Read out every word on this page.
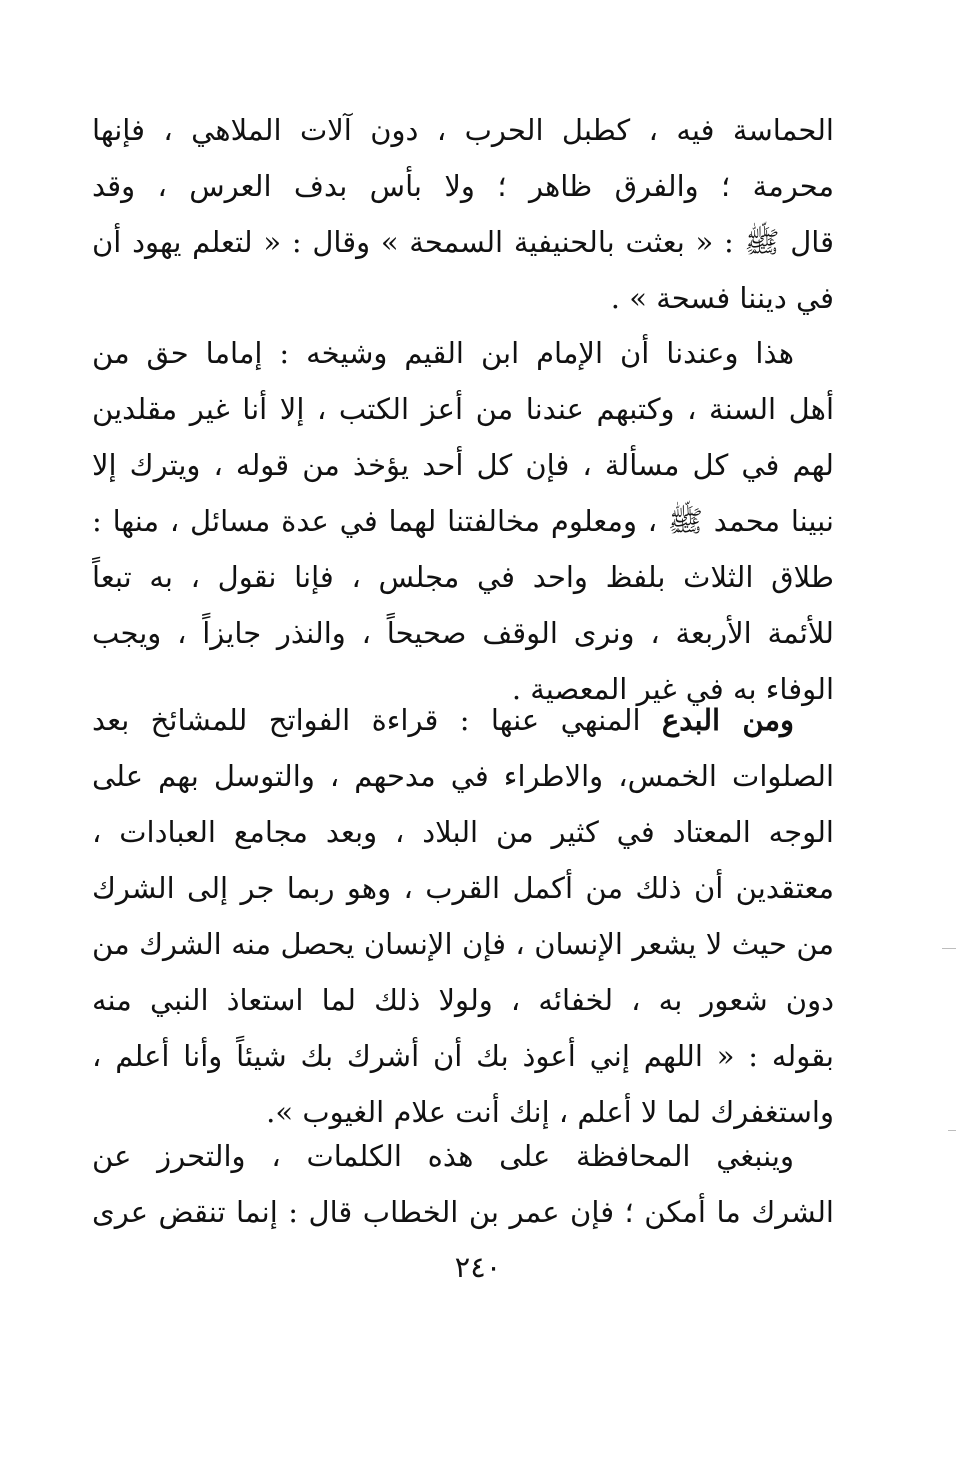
الحماسة فيه ، كطبل الحرب ، دون آلات الملاهي ، فإنها
محرمة ؛ والفرق ظاهر ؛ ولا بأس بدف العرس ، وقد
قال ﷺ : « بعثت بالحنيفية السمحة » وقال : « لتعلم يهود أن
في ديننا فسحة » .
هذا وعندنا أن الإمام ابن القيم وشيخه : إماما حق من
أهل السنة ، وكتبهم عندنا من أعز الكتب ، إلا أنا غير مقلدين
لهم في كل مسألة ، فإن كل أحد يؤخذ من قوله ، ويترك إلا
نبينا محمد ﷺ ، ومعلوم مخالفتنا لهما في عدة مسائل ، منها :
طلاق الثلاث بلفظ واحد في مجلس ، فإنا نقول ، به تبعاً
للأئمة الأربعة ، ونرى الوقف صحيحاً ، والنذر جايزاً ، ويجب
الوفاء به في غير المعصية .
ومن البدع المنهي عنها : قراءة الفواتح للمشائخ بعد
الصلوات الخمس، والاطراء في مدحهم ، والتوسل بهم على
الوجه المعتاد في كثير من البلاد ، وبعد مجامع العبادات ،
معتقدين أن ذلك من أكمل القرب ، وهو ربما جر إلى الشرك
من حيث لا يشعر الإنسان ، فإن الإنسان يحصل منه الشرك من
دون شعور به ، لخفائه ، ولولا ذلك لما استعاذ النبي منه
بقوله : « اللهم إني أعوذ بك أن أشرك بك شيئاً وأنا أعلم ،
واستغفرك لما لا أعلم ، إنك أنت علام الغيوب ».
وينبغي المحافظة على هذه الكلمات ، والتحرز عن
الشرك ما أمكن ؛ فإن عمر بن الخطاب قال : إنما تنقض عرى
٢٤٠
